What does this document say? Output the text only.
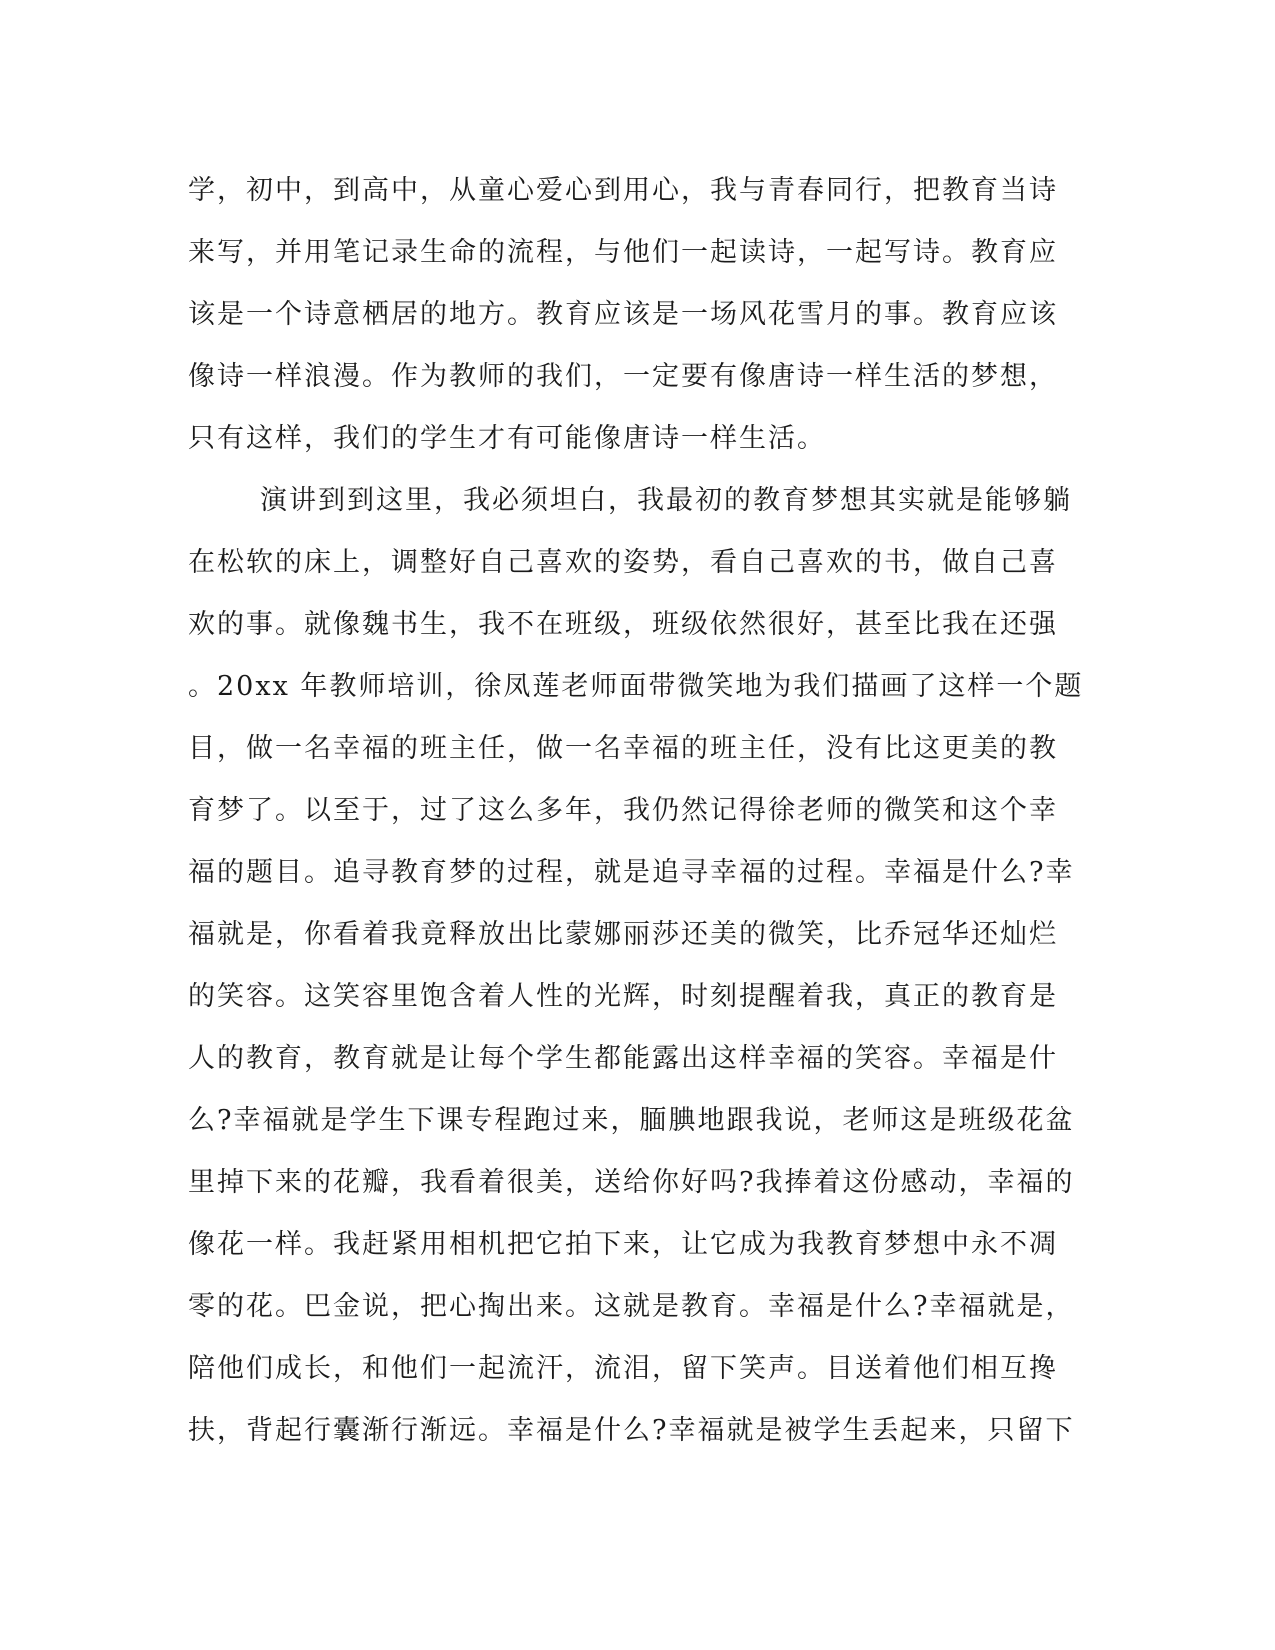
学，初中，到高中，从童心爱心到用心，我与青春同行，把教育当诗
来写，并用笔记录生命的流程，与他们一起读诗，一起写诗。教育应
该是一个诗意栖居的地方。教育应该是一场风花雪月的事。教育应该
像诗一样浪漫。作为教师的我们，一定要有像唐诗一样生活的梦想，
只有这样，我们的学生才有可能像唐诗一样生活。
演讲到到这里，我必须坦白，我最初的教育梦想其实就是能够躺
在松软的床上，调整好自己喜欢的姿势，看自己喜欢的书，做自己喜
欢的事。就像魏书生，我不在班级，班级依然很好，甚至比我在还强
。20xx 年教师培训，徐凤莲老师面带微笑地为我们描画了这样一个题
目，做一名幸福的班主任，做一名幸福的班主任，没有比这更美的教
育梦了。以至于，过了这么多年，我仍然记得徐老师的微笑和这个幸
福的题目。追寻教育梦的过程，就是追寻幸福的过程。幸福是什么?幸
福就是，你看着我竟释放出比蒙娜丽莎还美的微笑，比乔冠华还灿烂
的笑容。这笑容里饱含着人性的光辉，时刻提醒着我，真正的教育是
人的教育，教育就是让每个学生都能露出这样幸福的笑容。幸福是什
么?幸福就是学生下课专程跑过来，腼腆地跟我说，老师这是班级花盆
里掉下来的花瓣，我看着很美，送给你好吗?我捧着这份感动，幸福的
像花一样。我赶紧用相机把它拍下来，让它成为我教育梦想中永不凋
零的花。巴金说，把心掏出来。这就是教育。幸福是什么?幸福就是，
陪他们成长，和他们一起流汗，流泪，留下笑声。目送着他们相互搀
扶，背起行囊渐行渐远。幸福是什么?幸福就是被学生丢起来，只留下
